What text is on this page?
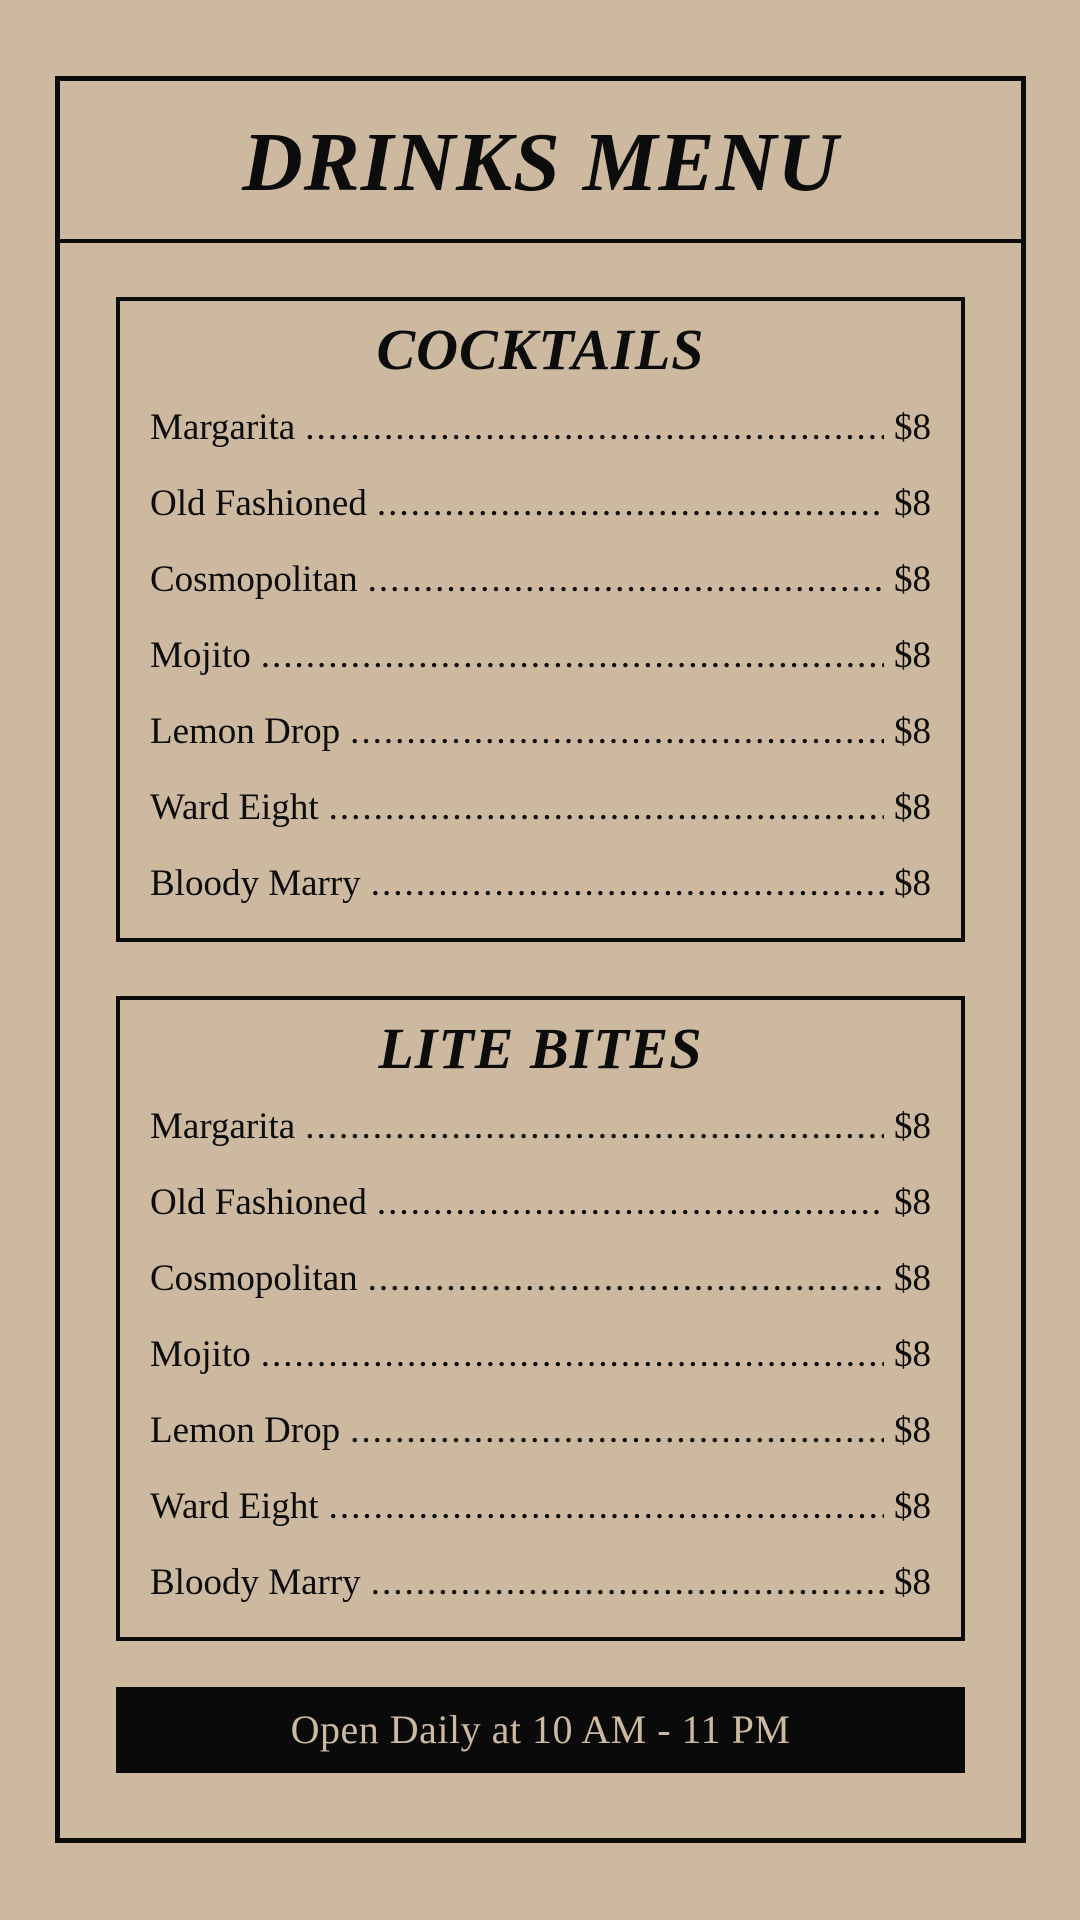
DRINKS MENU
COCKTAILS
Margarita .....	$8
Old Fashioned .....	$8
Cosmopolitan .....	$8
Mojito .....	$8
Lemon Drop .....	$8
Ward Eight .....	$8
Bloody Marry .....	$8
LITE BITES
Margarita .....	$8
Old Fashioned .....	$8
Cosmopolitan .....	$8
Mojito .....	$8
Lemon Drop .....	$8
Ward Eight .....	$8
Bloody Marry .....	$8
Open Daily at 10 AM - 11 PM
